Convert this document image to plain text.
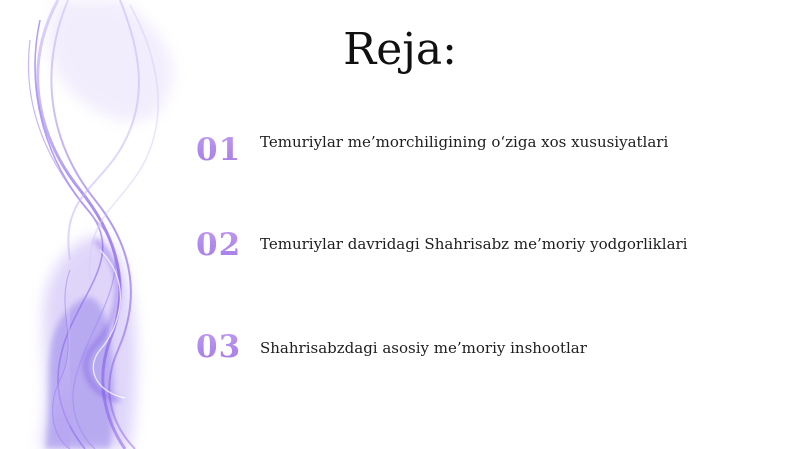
Reja:
01	Temuriylar me’morchiligining o‘ziga xos xususiyatlari
02	Temuriylar davridagi Shahrisabz me’moriy yodgorliklari
03	Shahrisabzdagi asosiy me’moriy inshootlar
